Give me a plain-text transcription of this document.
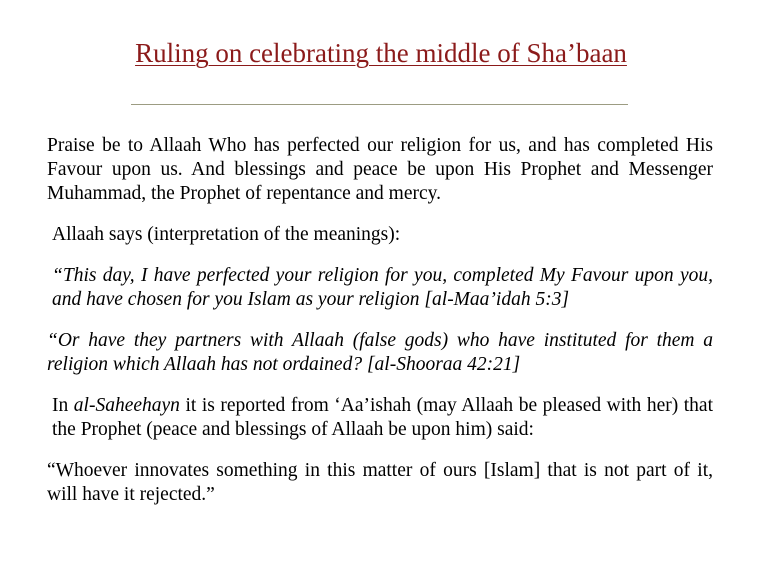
Ruling on celebrating the middle of Sha’baan

Praise be to Allaah Who has perfected our religion for us, and has completed His Favour upon us. And blessings and peace be upon His Prophet and Messenger Muhammad, the Prophet of repentance and mercy.

Allaah says (interpretation of the meanings):

“This day, I have perfected your religion for you, completed My Favour upon you, and have chosen for you Islam as your religion [al-Maa’idah 5:3]

“Or have they partners with Allaah (false gods) who have instituted for them a religion which Allaah has not ordained? [al-Shooraa 42:21]

In al-Saheehayn it is reported from ‘Aa’ishah (may Allaah be pleased with her) that the Prophet (peace and blessings of Allaah be upon him) said:

“Whoever innovates something in this matter of ours [Islam] that is not part of it, will have it rejected.”
